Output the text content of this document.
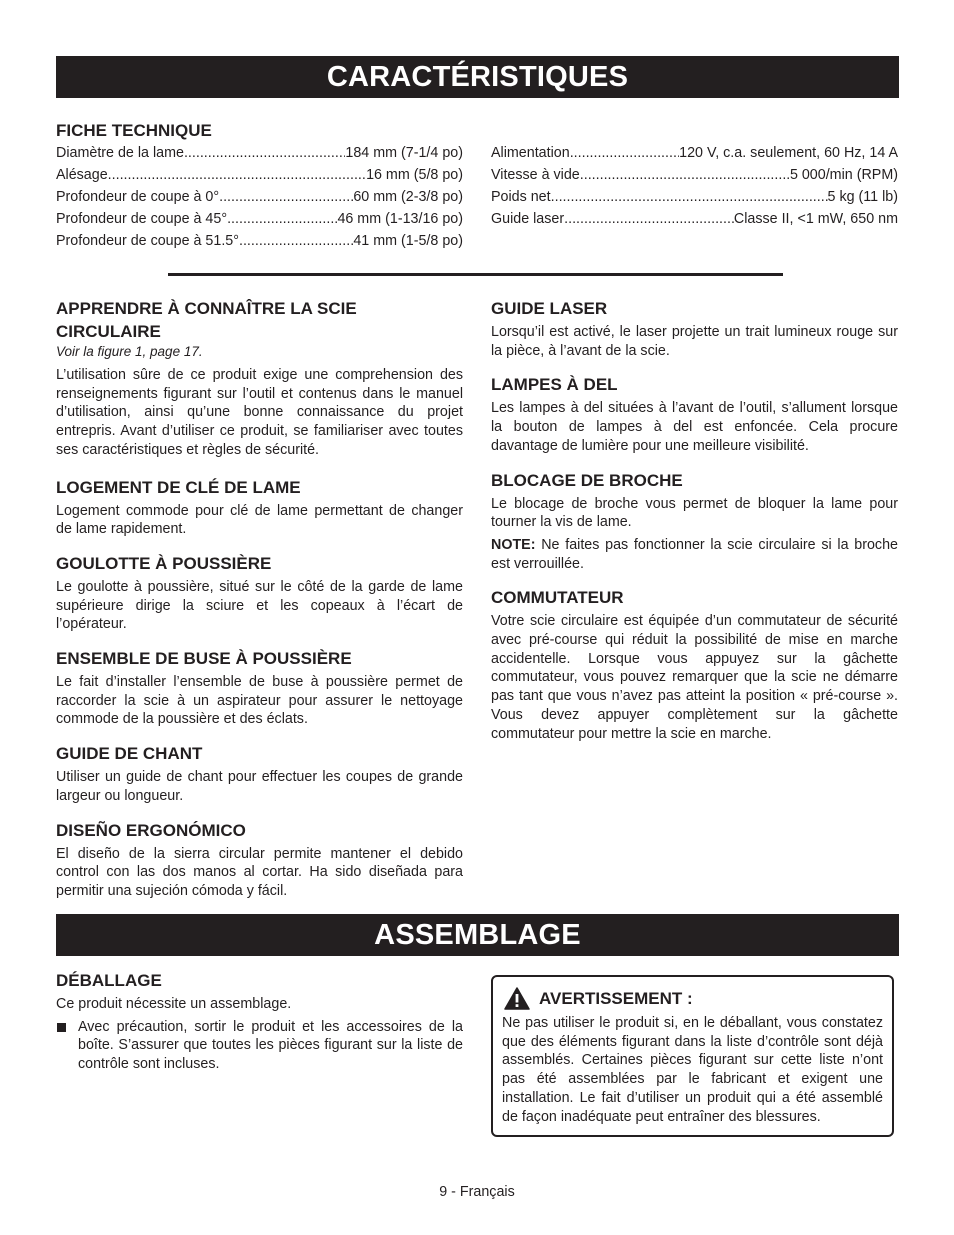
CARACTÉRISTIQUES
FICHE TECHNIQUE
Diamètre de la lame .....	184 mm (7-1/4 po)
Alésage .....	16 mm (5/8 po)
Profondeur de coupe à 0° .....	60 mm (2-3/8 po)
Profondeur de coupe à 45° .....	46 mm (1-13/16 po)
Profondeur de coupe à 51.5° .....	41 mm (1-5/8 po)
Alimentation .....	120 V, c.a. seulement, 60 Hz, 14 A
Vitesse à vide .....	5 000/min (RPM)
Poids net .....	5 kg (11 lb)
Guide laser .....	Classe II, <1 mW, 650 nm
APPRENDRE À CONNAÎTRE LA SCIE CIRCULAIRE
Voir la figure 1, page 17.

L’utilisation sûre de ce produit exige une comprehension des renseignements figurant sur l’outil et contenus dans le manuel d’utilisation, ainsi qu’une bonne connaissance du projet entrepris. Avant d’utiliser ce produit, se familiariser avec toutes ses caractéristiques et règles de sécurité.

LOGEMENT DE CLÉ DE LAME

Logement commode pour clé de lame permettant de changer de lame rapidement.

GOULOTTE À POUSSIÈRE

Le goulotte à poussière, situé sur le côté de la garde de lame supérieure dirige la sciure et les copeaux à l’écart de l’opérateur.

ENSEMBLE DE BUSE À POUSSIÈRE

Le fait d’installer l’ensemble de buse à poussière permet de raccorder la scie à un aspirateur pour assurer le nettoyage commode de la poussière et des éclats.

GUIDE DE CHANT

Utiliser un guide de chant pour effectuer les coupes de grande largeur ou longueur.

DISEÑO ERGONÓMICO

El diseño de la sierra circular permite mantener el debido control con las dos manos al cortar. Ha sido diseñada para permitir una sujeción cómoda y fácil.

GUIDE LASER

Lorsqu’il est activé, le laser projette un trait lumineux rouge sur la pièce, à l’avant de la scie.

LAMPES À DEL

Les lampes à del situées à l’avant de l’outil, s’allument lorsque la bouton de lampes à del est enfoncée. Cela procure davantage de lumière pour une meilleure visibilité.

BLOCAGE DE BROCHE

Le blocage de broche vous permet de bloquer la lame pour tourner la vis de lame.

NOTE: Ne faites pas fonctionner la scie circulaire si la broche est verrouillée.

COMMUTATEUR

Votre scie circulaire est équipée d’un commutateur de sécurité avec pré-course qui réduit la possibilité de mise en marche accidentelle. Lorsque vous appuyez sur la gâchette commutateur, vous pouvez remarquer que la scie ne démarre pas tant que vous n’avez pas atteint la position « pré-course ». Vous devez appuyer complètement sur la gâchette commutateur pour mettre la scie en marche.

ASSEMBLAGE
DÉBALLAGE

Ce produit nécessite un assemblage.

Avec précaution, sortir le produit et les accessoires de la boîte. S’assurer que toutes les pièces figurant sur la liste de contrôle sont incluses.
AVERTISSEMENT :

Ne pas utiliser le produit si, en le déballant, vous constatez que des éléments figurant dans la liste d’contrôle sont déjà assemblés. Certaines pièces figurant sur cette liste n’ont pas été assemblées par le fabricant et exigent une installation. Le fait d’utiliser un produit qui a été assemblé de façon inadéquate peut entraîner des blessures.

9 - Français
